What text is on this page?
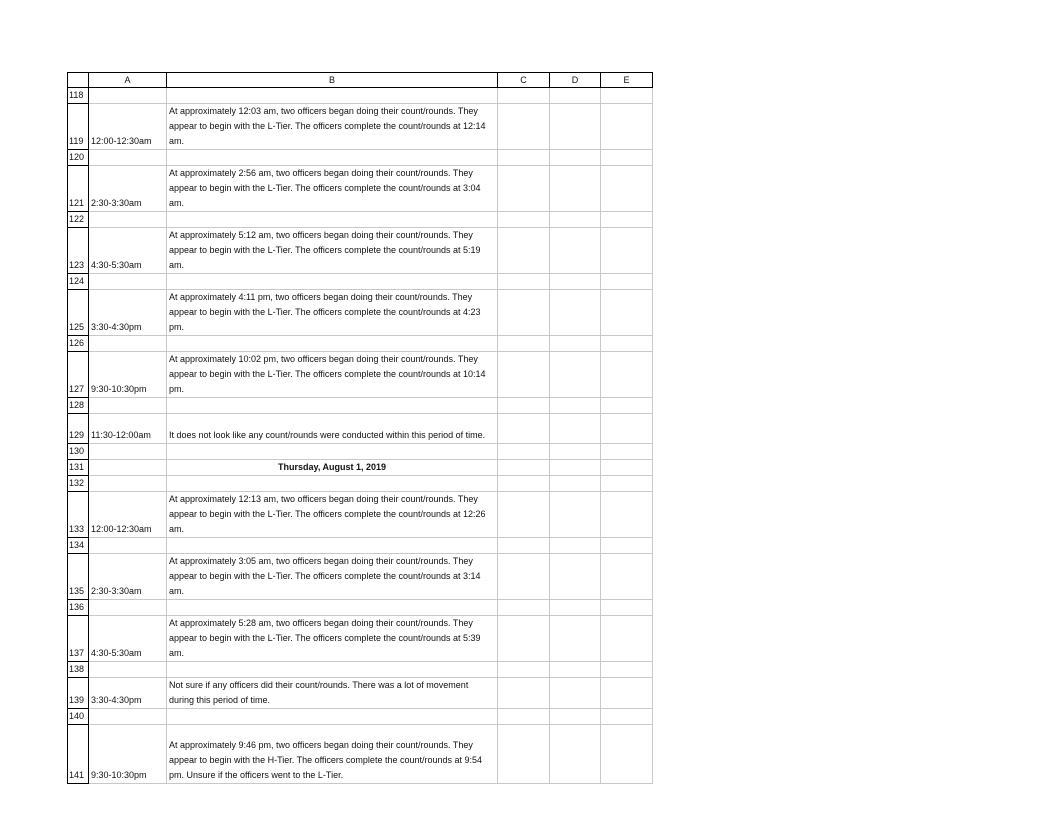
	A	B	C	D	E
118					
119	12:00-12:30am	At approximately 12:03 am, two officers began doing their count/rounds. They appear to begin with the L-Tier. The officers complete the count/rounds at 12:14 am.			
120					
121	2:30-3:30am	At approximately 2:56 am, two officers began doing their count/rounds. They appear to begin with the L-Tier. The officers complete the count/rounds at 3:04 am.			
122					
123	4:30-5:30am	At approximately 5:12 am, two officers began doing their count/rounds. They appear to begin with the L-Tier. The officers complete the count/rounds at 5:19 am.			
124					
125	3:30-4:30pm	At approximately 4:11 pm, two officers began doing their count/rounds. They appear to begin with the L-Tier. The officers complete the count/rounds at 4:23 pm.			
126					
127	9:30-10:30pm	At approximately 10:02 pm, two officers began doing their count/rounds. They appear to begin with the L-Tier. The officers complete the count/rounds at 10:14 pm.			
128					
129	11:30-12:00am	It does not look like any count/rounds were conducted within this period of time.			
130					
131		Thursday, August 1, 2019			
132					
133	12:00-12:30am	At approximately 12:13 am, two officers began doing their count/rounds. They appear to begin with the L-Tier. The officers complete the count/rounds at 12:26 am.			
134					
135	2:30-3:30am	At approximately 3:05 am, two officers began doing their count/rounds. They appear to begin with the L-Tier. The officers complete the count/rounds at 3:14 am.			
136					
137	4:30-5:30am	At approximately 5:28 am, two officers began doing their count/rounds. They appear to begin with the L-Tier. The officers complete the count/rounds at 5:39 am.			
138					
139	3:30-4:30pm	Not sure if any officers did their count/rounds. There was a lot of movement during this period of time.			
140					
141	9:30-10:30pm	At approximately 9:46 pm, two officers began doing their count/rounds. They appear to begin with the H-Tier. The officers complete the count/rounds at 9:54 pm. Unsure if the officers went to the L-Tier.			
